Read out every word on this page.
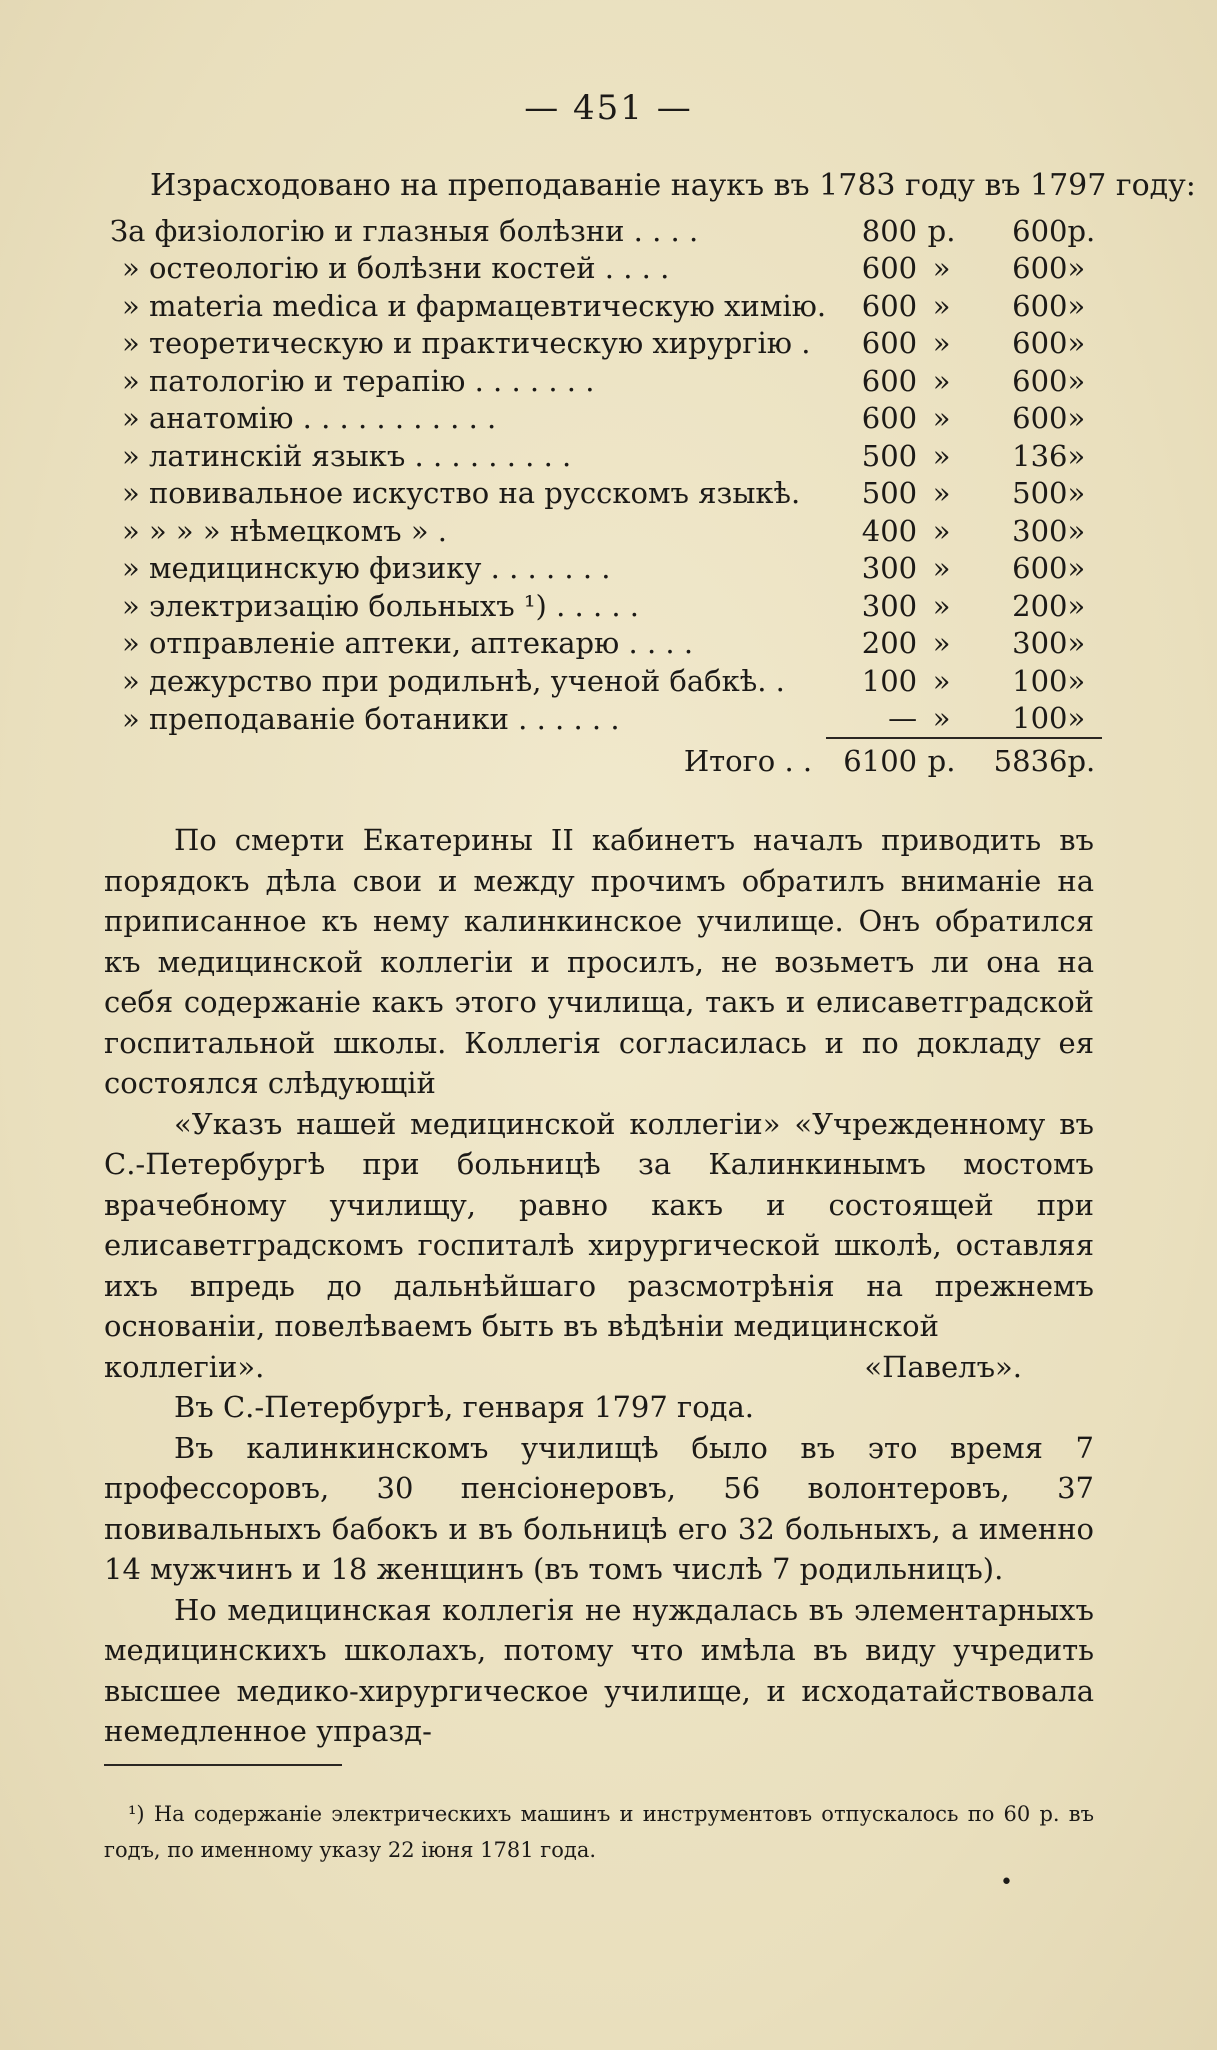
— 451 —
Израсходовано на преподаваніе наукъ въ 1783 году въ 1797 году:
За физіологію и глазныя болѣзни . . . .	800	р.	600	р.
» остеологію и болѣзни костей . . . .	600	»	600	»
» materia medica и фармацевтическую химію.	600	»	600	»
» теоретическую и практическую хирургію .	600	»	600	»
» патологію и терапію . . . . . . .	600	»	600	»
» анатомію . . . . . . . . . . .	600	»	600	»
» латинскій языкъ . . . . . . . . .	500	»	136	»
» повивальное искуство на русскомъ языкѣ.	500	»	500	»
» » » » нѣмецкомъ » .	400	»	300	»
» медицинскую физику . . . . . . .	300	»	600	»
» электризацію больныхъ ¹) . . . . .	300	»	200	»
» отправленіе аптеки, аптекарю . . . .	200	»	300	»
» дежурство при родильнѣ, ученой бабкѣ. .	100	»	100	»
» преподаваніе ботаники . . . . . .	—	»	100	»
Итого . .	6100	р.	5836	р.

По смерти Екатерины II кабинетъ началъ приводить въ порядокъ дѣла свои и между прочимъ обратилъ вниманіе на приписанное къ нему калинкинское училище. Онъ обратился къ медицинской коллегіи и просилъ, не возьметъ ли она на себя содержаніе какъ этого училища, такъ и елисаветградской госпитальной школы. Коллегія согласилась и по докладу ея состоялся слѣдующій

«Указъ нашей медицинской коллегіи» «Учрежденному въ С.-Петербургѣ при больницѣ за Калинкинымъ мостомъ врачебному училищу, равно какъ и состоящей при елисаветградскомъ госпиталѣ хирургической школѣ, оставляя ихъ впредь до дальнѣйшаго разсмотрѣнія на прежнемъ основаніи, повелѣваемъ быть въ вѣдѣніи медицинской

коллегіи».	«Павелъ».

Въ С.-Петербургѣ, генваря 1797 года.

Въ калинкинскомъ училищѣ было въ это время 7 профессоровъ, 30 пенсіонеровъ, 56 волонтеровъ, 37 повивальныхъ бабокъ и въ больницѣ его 32 больныхъ, а именно 14 мужчинъ и 18 женщинъ (въ томъ числѣ 7 родильницъ).

Но медицинская коллегія не нуждалась въ элементарныхъ медицинскихъ школахъ, потому что имѣла въ виду учредить высшее медико-хирургическое училище, и исходатайствовала немедленное упразд-

¹) На содержаніе электрическихъ машинъ и инструментовъ отпускалось по 60 р. въ годъ, по именному указу 22 іюня 1781 года.

•
